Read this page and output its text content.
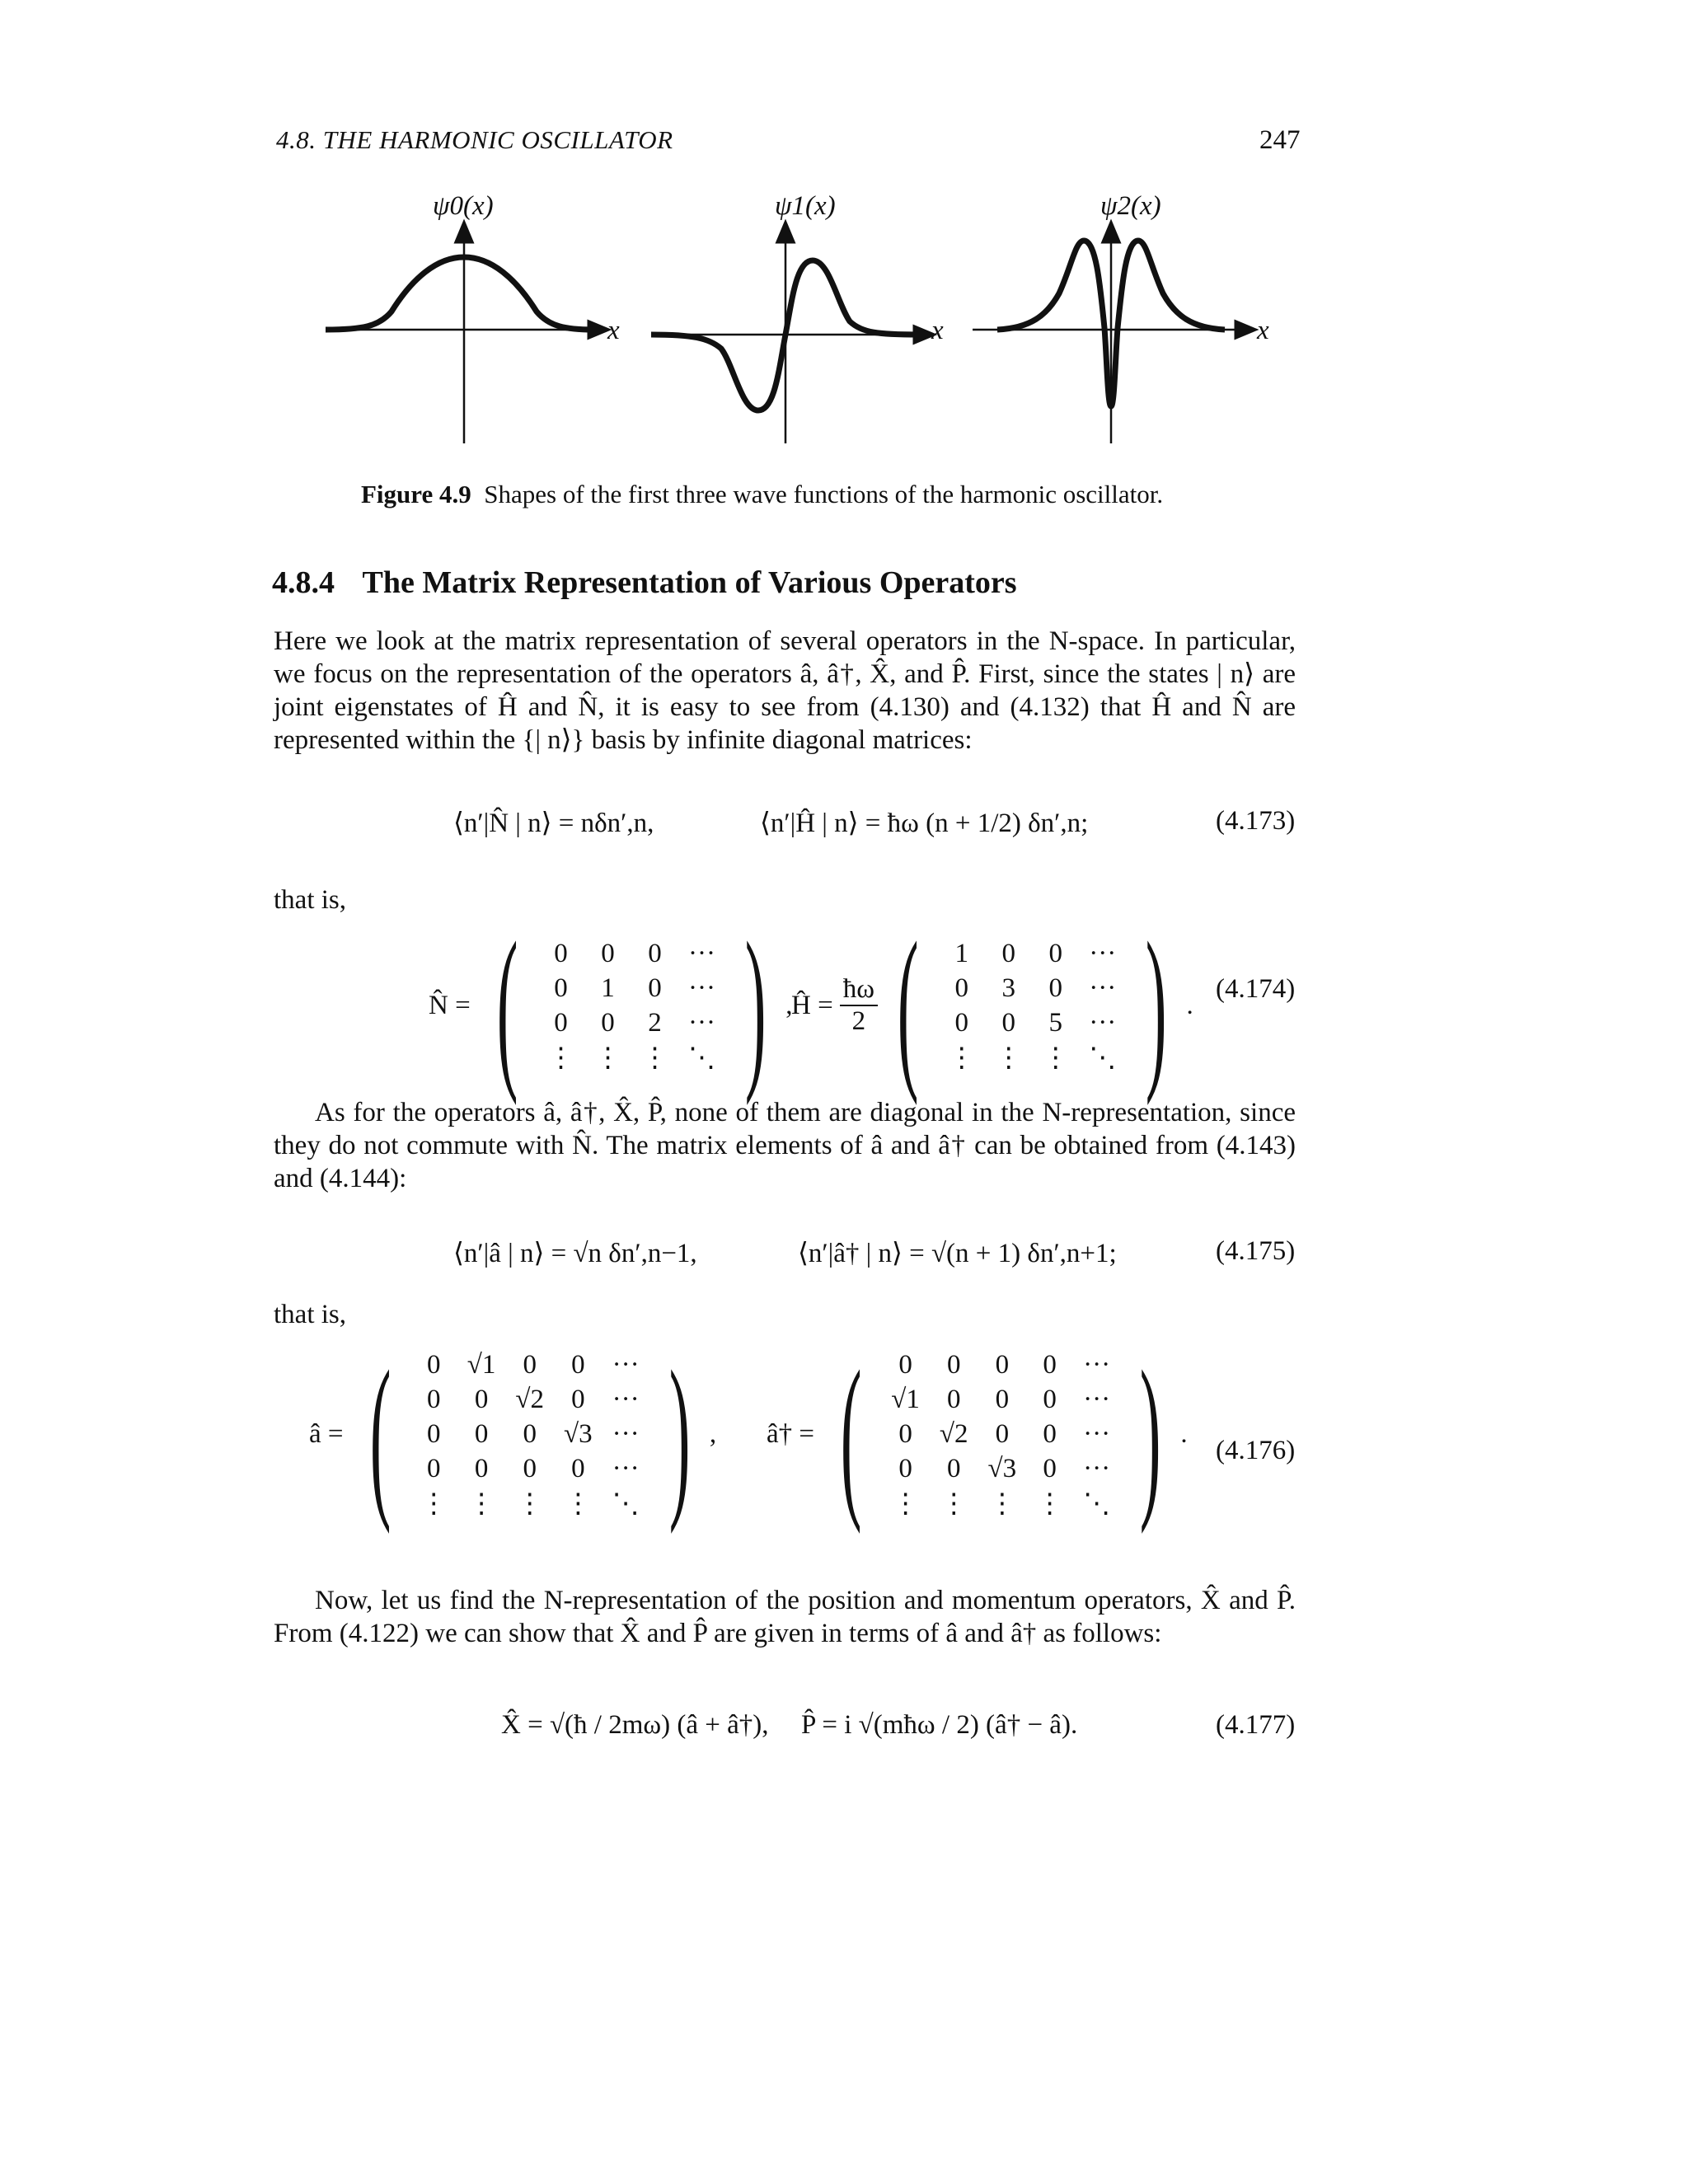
4.8. THE HARMONIC OSCILLATOR	247
ψ0(x)	ψ1(x)	ψ2(x)
x	x	x
Figure 4.9 Shapes of the first three wave functions of the harmonic oscillator.
4.8.4 The Matrix Representation of Various Operators
Here we look at the matrix representation of several operators in the N-space. In particular, we focus on the representation of the operators â, â†, X̂, and P̂. First, since the states | n⟩ are joint eigenstates of Ĥ and N̂, it is easy to see from (4.130) and (4.132) that Ĥ and N̂ are represented within the {| n⟩} basis by infinite diagonal matrices:
⟨n′|N̂ | n⟩ = nδn′,n,	⟨n′|Ĥ | n⟩ = ħω (n + 1/2) δn′,n;	(4.173)
that is,
N̂ = ( 0	0	0	···
0	1	0	···
0	0	2	···
⋮	⋮	⋮	⋱ ) ,
Ĥ = $\frac{ħ\omega}{2}$ ( 1	0	0	···
0	3	0	···
0	0	5	···
⋮	⋮	⋮	⋱ ) .
(4.174)
As for the operators â, â†, X̂, P̂, none of them are diagonal in the N-representation, since they do not commute with N̂. The matrix elements of â and â† can be obtained from (4.143) and (4.144):
⟨n′|â | n⟩ = √n δn′,n−1,	⟨n′|â† | n⟩ = √(n + 1) δn′,n+1;	(4.175)
that is,
â = ( 0	√1	0	0	···
0	0	√2	0	···
0	0	0	√3	···
0	0	0	0	···
⋮	⋮	⋮	⋮	⋱ ) , â† = ( 0	0	0	0	···
√1	0	0	0	···
0	√2	0	0	···
0	0	√3	0	···
⋮	⋮	⋮	⋮	⋱ ) .
(4.176)
Now, let us find the N-representation of the position and momentum operators, X̂ and P̂. From (4.122) we can show that X̂ and P̂ are given in terms of â and â† as follows:
X̂ = √(ħ / 2mω) (â + â†), P̂ = i √(mħω / 2) (â† − â).	(4.177)
